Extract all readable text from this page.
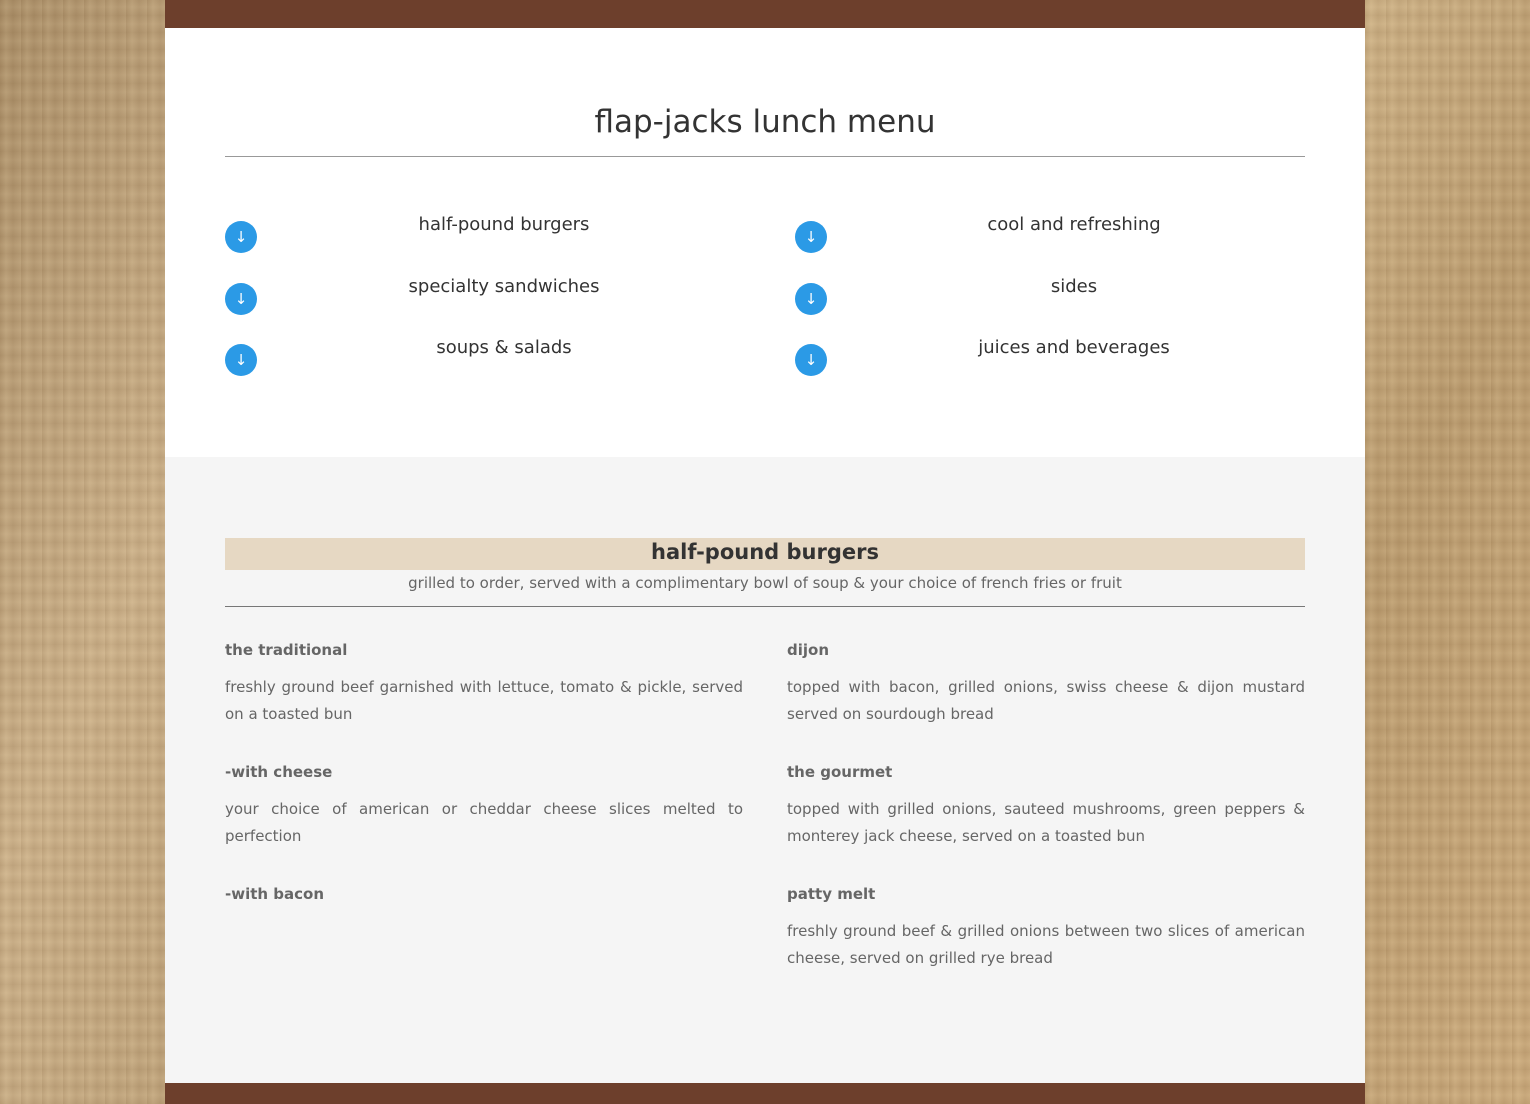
flap-jacks lunch menu
↓
half-pound burgers
↓
cool and refreshing
↓
specialty sandwiches
↓
sides
↓
soups & salads
↓
juices and beverages
half-pound burgers
grilled to order, served with a complimentary bowl of soup & your choice of french fries or fruit

the traditional

freshly ground beef garnished with lettuce, tomato & pickle, served on a toasted bun

dijon

topped with bacon, grilled onions, swiss cheese & dijon mustard served on sourdough bread

-with cheese

your choice of american or cheddar cheese slices melted to perfection

the gourmet

topped with grilled onions, sauteed mushrooms, green peppers & monterey jack cheese, served on a toasted bun

-with bacon	patty melt

freshly ground beef & grilled onions between two slices of american cheese, served on grilled rye bread
